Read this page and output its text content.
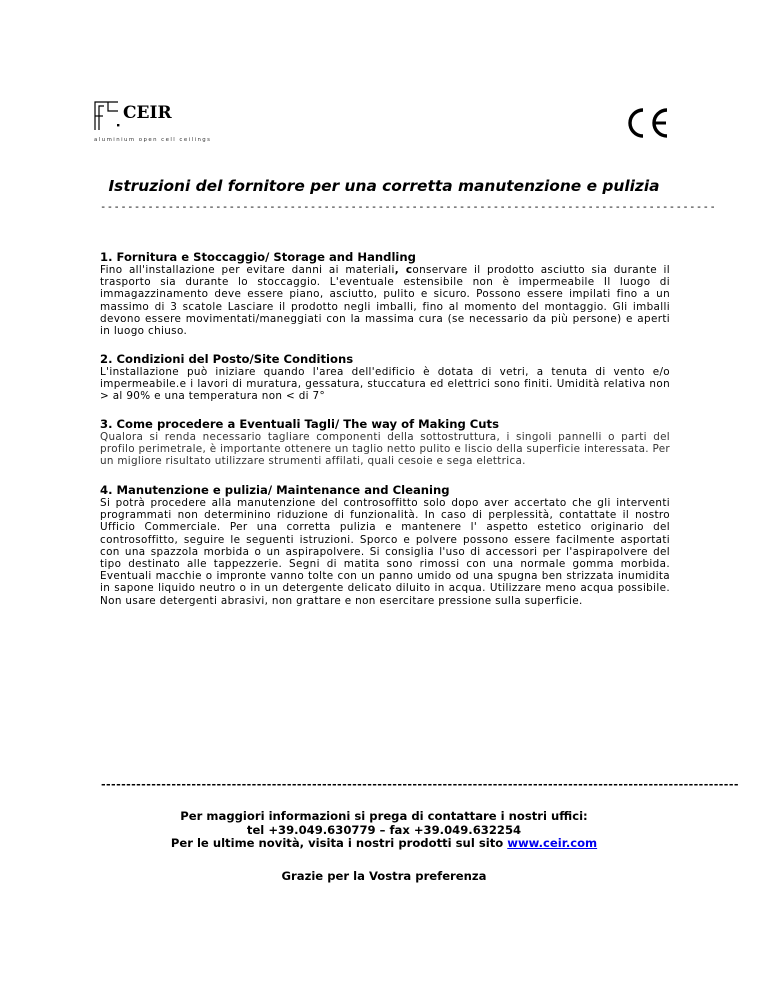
CEIR
aluminium open cell ceilings
Istruzioni del fornitore per una corretta manutenzione e pulizia
-------------------------------------------------------------------------------------------
1. Fornitura e Stoccaggio/ Storage and Handling

Fino all'installazione per evitare danni ai materiali, conservare il prodotto asciutto sia durante il trasporto sia durante lo stoccaggio. L'eventuale estensibile non è impermeabile Il luogo di immagazzinamento deve essere piano, asciutto, pulito e sicuro. Possono essere impilati fino a un massimo di 3 scatole Lasciare il prodotto negli imballi, fino al momento del montaggio. Gli imballi devono essere movimentati/maneggiati con la massima cura (se necessario da più persone) e aperti in luogo chiuso.

2. Condizioni del Posto/Site Conditions

L'installazione può iniziare quando l'area dell'edificio è dotata di vetri, a tenuta di vento e/o impermeabile.e i lavori di muratura, gessatura, stuccatura ed elettrici sono finiti. Umidità relativa non > al 90% e una temperatura non < di 7°

3. Come procedere a Eventuali Tagli/ The way of Making Cuts

Qualora si renda necessario tagliare componenti della sottostruttura, i singoli pannelli o parti del profilo perimetrale, è importante ottenere un taglio netto pulito e liscio della superficie interessata. Per un migliore risultato utilizzare strumenti affilati, quali cesoie e sega elettrica.

4. Manutenzione e pulizia/ Maintenance and Cleaning

Si potrà procedere alla manutenzione del controsoffitto solo dopo aver accertato che gli interventi programmati non determinino riduzione di funzionalità. In caso di perplessità, contattate il nostro Ufficio Commerciale. Per una corretta pulizia e mantenere l' aspetto estetico originario del controsoffitto, seguire le seguenti istruzioni. Sporco e polvere possono essere facilmente asportati con una spazzola morbida o un aspirapolvere. Si consiglia l'uso di accessori per l'aspirapolvere del tipo destinato alle tappezzerie. Segni di matita sono rimossi con una normale gomma morbida. Eventuali macchie o impronte vanno tolte con un panno umido od una spugna ben strizzata inumidita in sapone liquido neutro o in un detergente delicato diluito in acqua. Utilizzare meno acqua possibile. Non usare detergenti abrasivi, non grattare e non esercitare pressione sulla superficie.

-------------------------------------------------------------------------------------------------------------------------------
Per maggiori informazioni si prega di contattare i nostri uffici:
tel +39.049.630779 – fax +39.049.632254
Per le ultime novità, visita i nostri prodotti sul sito www.ceir.com
Grazie per la Vostra preferenza
